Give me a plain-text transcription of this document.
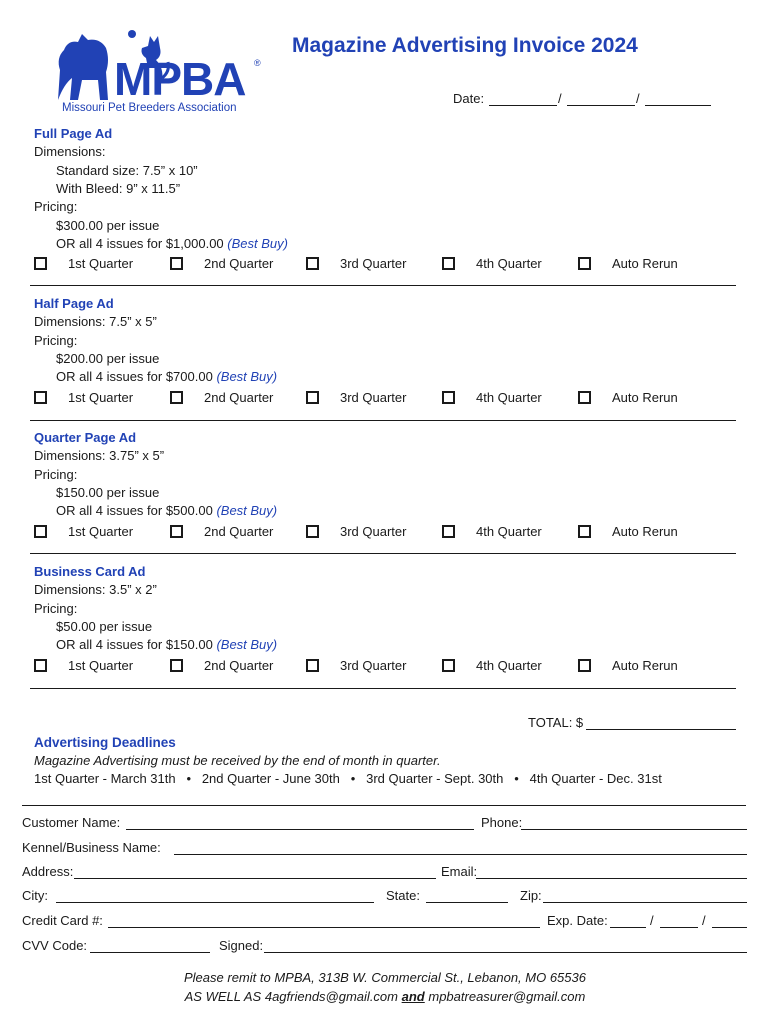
MPBA ®
Missouri Pet Breeders Association
Magazine Advertising Invoice 2024
Date:	/	/
Full Page Ad
Dimensions:
Standard size: 7.5” x 10”
With Bleed: 9” x 11.5”
Pricing:
$300.00 per issue
OR all 4 issues for $1,000.00 (Best Buy)
1st Quarter	2nd Quarter	3rd Quarter	4th Quarter	Auto Rerun
Half Page Ad
Dimensions: 7.5” x 5”
Pricing:
$200.00 per issue
OR all 4 issues for $700.00 (Best Buy)
1st Quarter	2nd Quarter	3rd Quarter	4th Quarter	Auto Rerun
Quarter Page Ad
Dimensions: 3.75” x 5”
Pricing:
$150.00 per issue
OR all 4 issues for $500.00 (Best Buy)
1st Quarter	2nd Quarter	3rd Quarter	4th Quarter	Auto Rerun
Business Card Ad
Dimensions: 3.5” x 2”
Pricing:
$50.00 per issue
OR all 4 issues for $150.00 (Best Buy)
1st Quarter	2nd Quarter	3rd Quarter	4th Quarter	Auto Rerun
TOTAL: $
Advertising Deadlines
Magazine Advertising must be received by the end of month in quarter.
1st Quarter - March 31th   •   2nd Quarter - June 30th   •   3rd Quarter - Sept. 30th   •   4th Quarter - Dec. 31st
Customer Name:	Phone:
Kennel/Business Name:
Address:	Email:
City:	State:	Zip:
Credit Card #:	Exp. Date:	/	/
CVV Code:	Signed:
Please remit to MPBA, 313B W. Commercial St., Lebanon, MO 65536
AS WELL AS 4agfriends@gmail.com and mpbatreasurer@gmail.com
